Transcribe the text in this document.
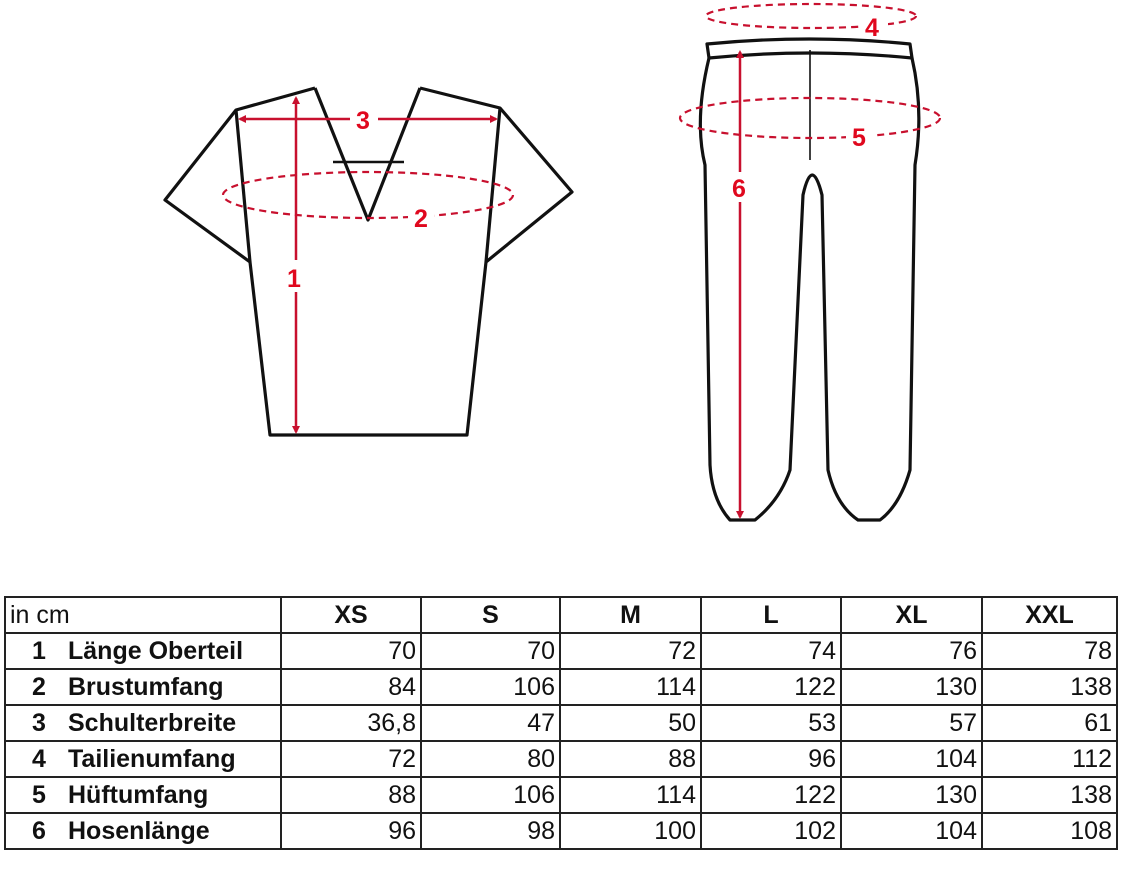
1
2
3
4
5
6
in cm	XS	S	M	L	XL	XXL
1 Länge Oberteil	70	70	72	74	76	78
2 Brustumfang	84	106	114	122	130	138
3 Schulterbreite	36,8	47	50	53	57	61
4 Tailienumfang	72	80	88	96	104	112
5 Hüftumfang	88	106	114	122	130	138
6 Hosenlänge	96	98	100	102	104	108
